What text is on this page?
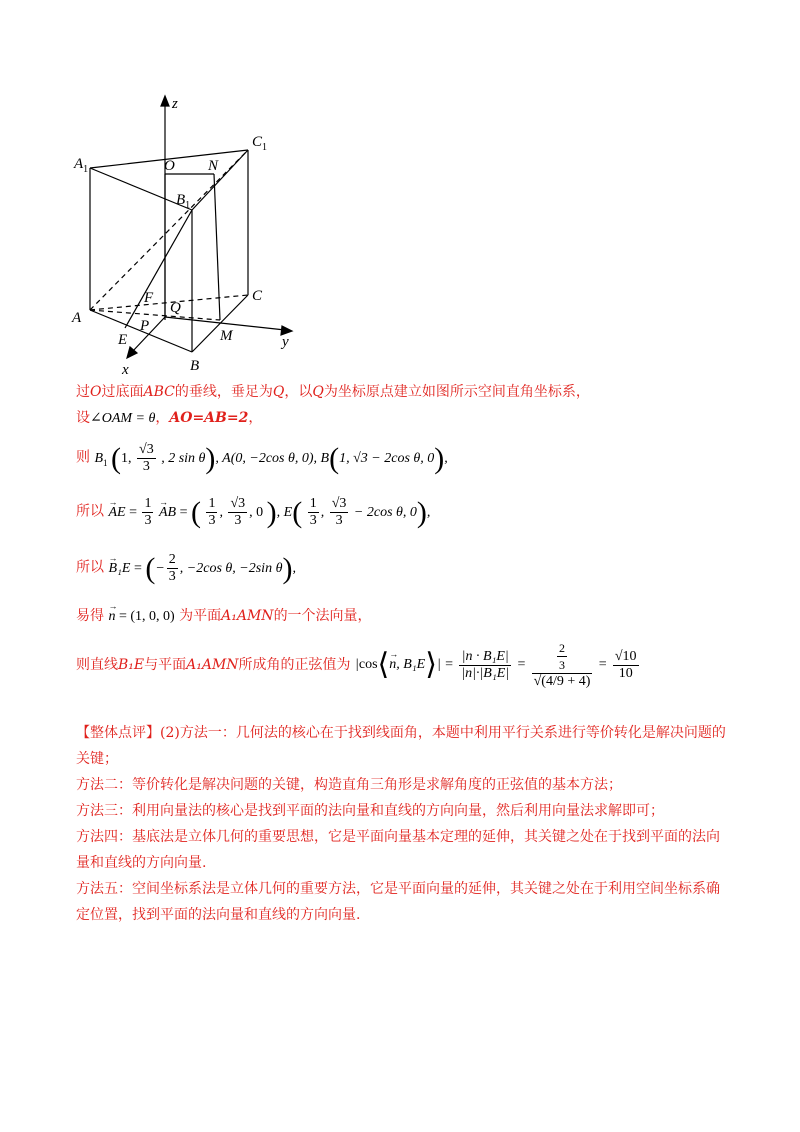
z
$A_1$	O N
$C_1$
$B_1$
F
Q
C
A	P
E	M	y
x	B
过O过底面ABC的垂线，垂足为Q，以Q为坐标原点建立如图所示空间直角坐标系，
设∠OAM = θ，AO=AB=2，
则 $B_1$ (1, $\frac{√3}{3}$ , 2 sin θ), A(0, −2cos θ, 0), B(1, √3 − 2cos θ, 0),
所以 → AE = $\frac{1}{3}$ → AB = ( $\frac{1}{3}$ , $\frac{√3}{3}$ , 0 ), $E( \frac{1}{3}$ , $\frac{√3}{3} - 2\cos$ θ, 0),
所以 → B₁E = (− $\frac{2}{3}$ , −2cos θ, −2sin θ),
易得 → n = (1, 0, 0) 为平面A₁AMN的一个法向量，
则直线B₁E与平面A₁AMN所成角的正弦值为 |cos⟨→ n, B₁E⟩| = $\frac{\text{|n · B₁E|}}{\text{|n|·|B₁E|}} = \frac{\frac{2}{3}}{√(4/9 + 4)} = \frac{√10}{10}$
【整体点评】(2)方法一：几何法的核心在于找到线面角，本题中利用平行关系进行等价转化是解决问题的关键；
方法二：等价转化是解决问题的关键，构造直角三角形是求解角度的正弦值的基本方法；
方法三：利用向量法的核心是找到平面的法向量和直线的方向向量，然后利用向量法求解即可；
方法四：基底法是立体几何的重要思想，它是平面向量基本定理的延伸，其关键之处在于找到平面的法向量和直线的方向向量.
方法五：空间坐标系法是立体几何的重要方法，它是平面向量的延伸，其关键之处在于利用空间坐标系确定位置，找到平面的法向量和直线的方向向量.
